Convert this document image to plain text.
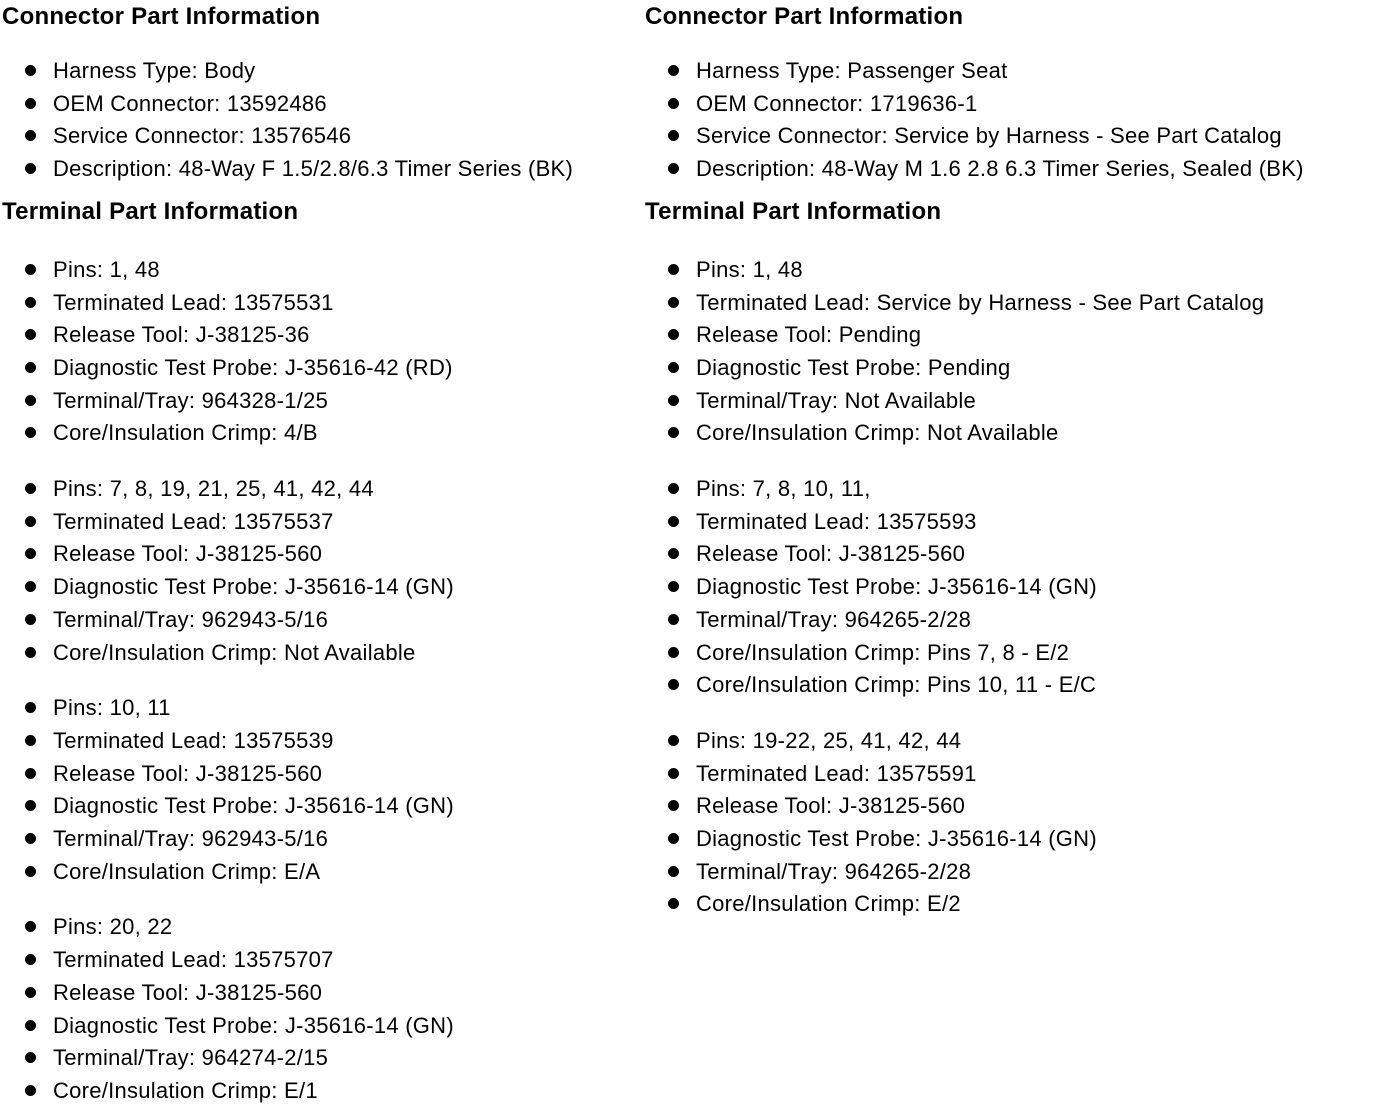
Connector Part Information
Harness Type: Body
OEM Connector: 13592486
Service Connector: 13576546
Description: 48-Way F 1.5/2.8/6.3 Timer Series (BK)
Terminal Part Information
Pins: 1, 48
Terminated Lead: 13575531
Release Tool: J-38125-36
Diagnostic Test Probe: J-35616-42 (RD)
Terminal/Tray: 964328-1/25
Core/Insulation Crimp: 4/B
Pins: 7, 8, 19, 21, 25, 41, 42, 44
Terminated Lead: 13575537
Release Tool: J-38125-560
Diagnostic Test Probe: J-35616-14 (GN)
Terminal/Tray: 962943-5/16
Core/Insulation Crimp: Not Available
Pins: 10, 11
Terminated Lead: 13575539
Release Tool: J-38125-560
Diagnostic Test Probe: J-35616-14 (GN)
Terminal/Tray: 962943-5/16
Core/Insulation Crimp: E/A
Pins: 20, 22
Terminated Lead: 13575707
Release Tool: J-38125-560
Diagnostic Test Probe: J-35616-14 (GN)
Terminal/Tray: 964274-2/15
Core/Insulation Crimp: E/1
Connector Part Information
Harness Type: Passenger Seat
OEM Connector: 1719636-1
Service Connector: Service by Harness - See Part Catalog
Description: 48-Way M 1.6 2.8 6.3 Timer Series, Sealed (BK)
Terminal Part Information
Pins: 1, 48
Terminated Lead: Service by Harness - See Part Catalog
Release Tool: Pending
Diagnostic Test Probe: Pending
Terminal/Tray: Not Available
Core/Insulation Crimp: Not Available
Pins: 7, 8, 10, 11,
Terminated Lead: 13575593
Release Tool: J-38125-560
Diagnostic Test Probe: J-35616-14 (GN)
Terminal/Tray: 964265-2/28
Core/Insulation Crimp: Pins 7, 8 - E/2
Core/Insulation Crimp: Pins 10, 11 - E/C
Pins: 19-22, 25, 41, 42, 44
Terminated Lead: 13575591
Release Tool: J-38125-560
Diagnostic Test Probe: J-35616-14 (GN)
Terminal/Tray: 964265-2/28
Core/Insulation Crimp: E/2
